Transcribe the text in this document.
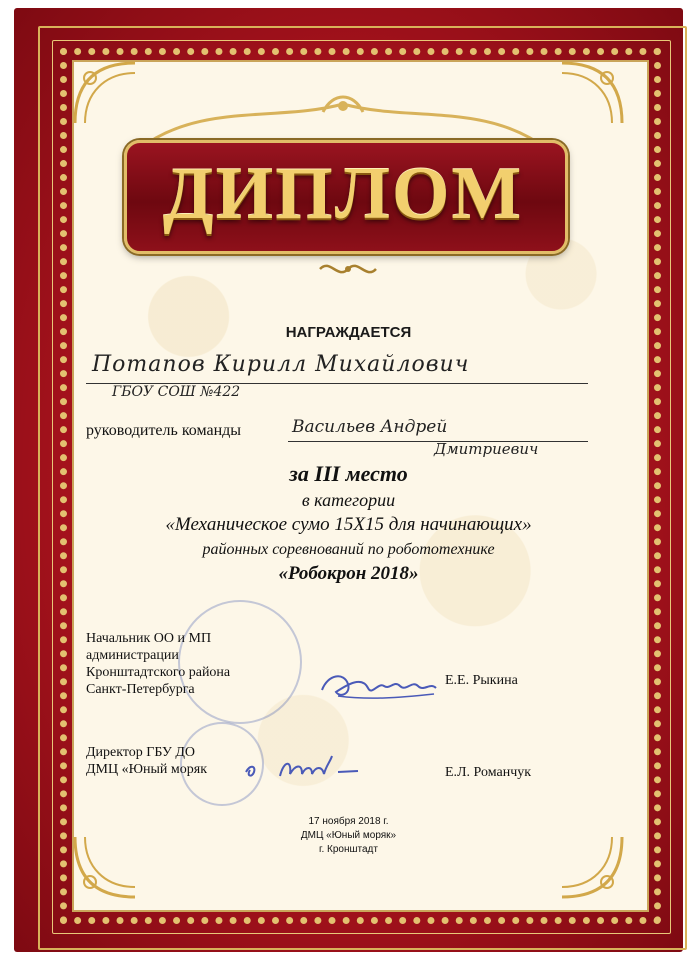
ДИПЛОМ
НАГРАЖДАЕТСЯ
Потапов Кирилл Михайлович
ГБОУ СОШ №422
руководитель команды	Васильев Андрей
Дмитриевич
за III место
в категории
«Механическое сумо 15X15 для начинающих»
районных соревнований по робототехнике
«Робокрон 2018»
Начальник ОО и МП
администрации
Кронштадтского района
Санкт-Петербурга
Е.Е. Рыкина
Директор ГБУ ДО
ДМЦ «Юный моряк	Е.Л. Романчук
17 ноября 2018 г.
ДМЦ «Юный моряк»
г. Кронштадт
